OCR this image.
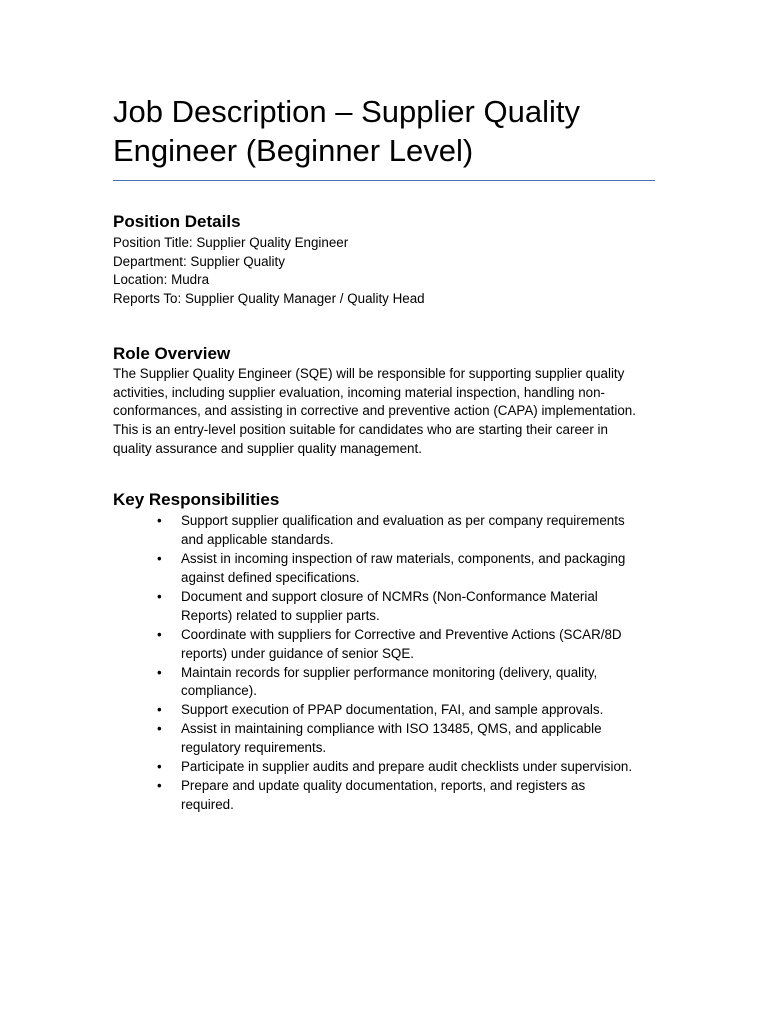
Job Description – Supplier Quality
Engineer (Beginner Level)
Position Details

Position Title: Supplier Quality Engineer

Department: Supplier Quality

Location: Mudra

Reports To: Supplier Quality Manager / Quality Head

Role Overview
The Supplier Quality Engineer (SQE) will be responsible for supporting supplier quality
activities, including supplier evaluation, incoming material inspection, handling non-
conformances, and assisting in corrective and preventive action (CAPA) implementation.
This is an entry-level position suitable for candidates who are starting their career in
quality assurance and supplier quality management.
Key Responsibilities
• Support supplier qualification and evaluation as per company requirements
and applicable standards.
• Assist in incoming inspection of raw materials, components, and packaging
against defined specifications.
• Document and support closure of NCMRs (Non-Conformance Material
Reports) related to supplier parts.
• Coordinate with suppliers for Corrective and Preventive Actions (SCAR/8D
reports) under guidance of senior SQE.
• Maintain records for supplier performance monitoring (delivery, quality,
compliance).
• Support execution of PPAP documentation, FAI, and sample approvals.
• Assist in maintaining compliance with ISO 13485, QMS, and applicable
regulatory requirements.
• Participate in supplier audits and prepare audit checklists under supervision.
• Prepare and update quality documentation, reports, and registers as
required.
